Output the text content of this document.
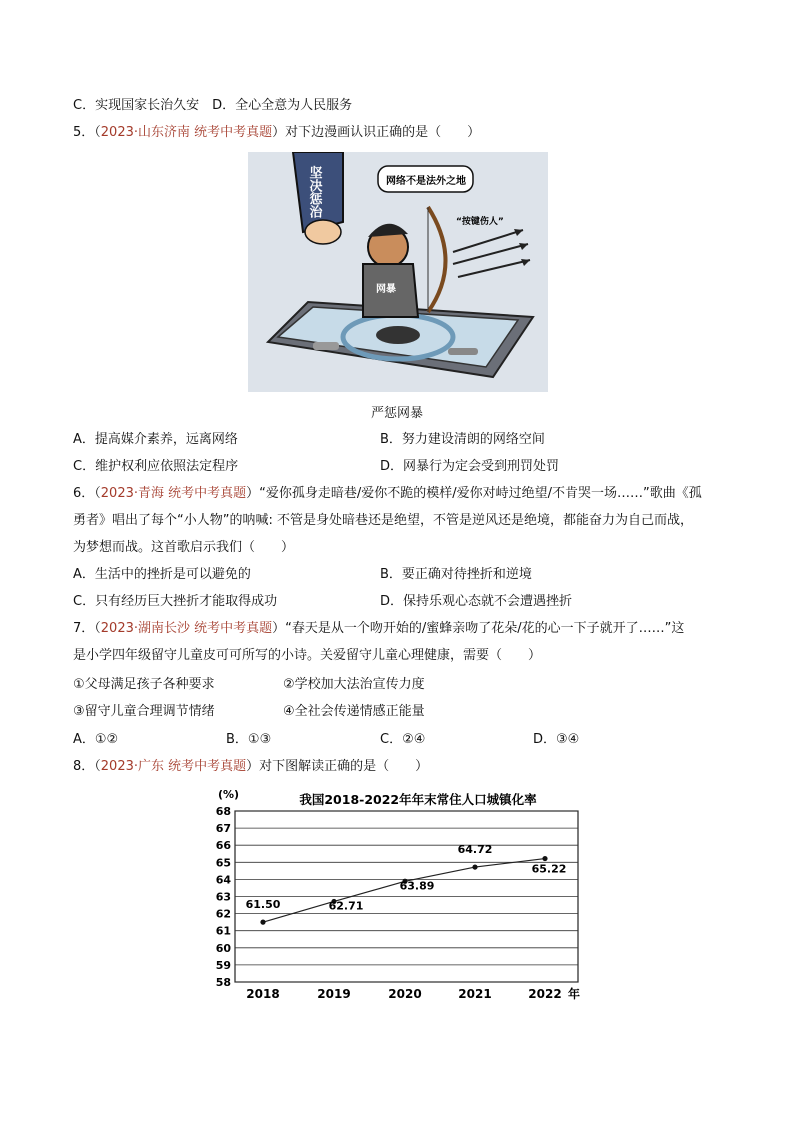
C．实现国家长治久安　 D．全心全意为人民服务
5．（2023·山东济南 统考中考真题）对下边漫画认识正确的是（　　）
坚决惩治
网暴
网络不是法外之地
“按键伤人”
严惩网暴
A．提高媒介素养，远离网络	B．努力建设清朗的网络空间
C．维护权利应依照法定程序	D．网暴行为定会受到刑罚处罚
6．（2023·青海 统考中考真题）“爱你孤身走暗巷/爱你不跪的模样/爱你对峙过绝望/不肯哭一场……”歌曲《孤
勇者》唱出了每个“小人物”的呐喊: 不管是身处暗巷还是绝望，不管是逆风还是绝境，都能奋力为自己而战，
为梦想而战。这首歌启示我们（　　）
A．生活中的挫折是可以避免的	B．要正确对待挫折和逆境
C．只有经历巨大挫折才能取得成功	D．保持乐观心态就不会遭遇挫折
7．（2023·湖南长沙 统考中考真题）“春天是从一个吻开始的/蜜蜂亲吻了花朵/花的心一下子就开了……”这
是小学四年级留守儿童皮可可所写的小诗。关爱留守儿童心理健康，需要（　　）
①父母满足孩子各种要求	②学校加大法治宣传力度
③留守儿童合理调节情绪	④全社会传递情感正能量
A．①②	B．①③	C．②④	D．③④
8．（2023·广东 统考中考真题）对下图解读正确的是（　　）
我国2018-2022年年末常住人口城镇化率
(%)
58
59
60
61
62
63
64
65
66
67
68
2018	2019	2020	2021	2022
61.50	62.71
63.89
64.72
65.22
年
